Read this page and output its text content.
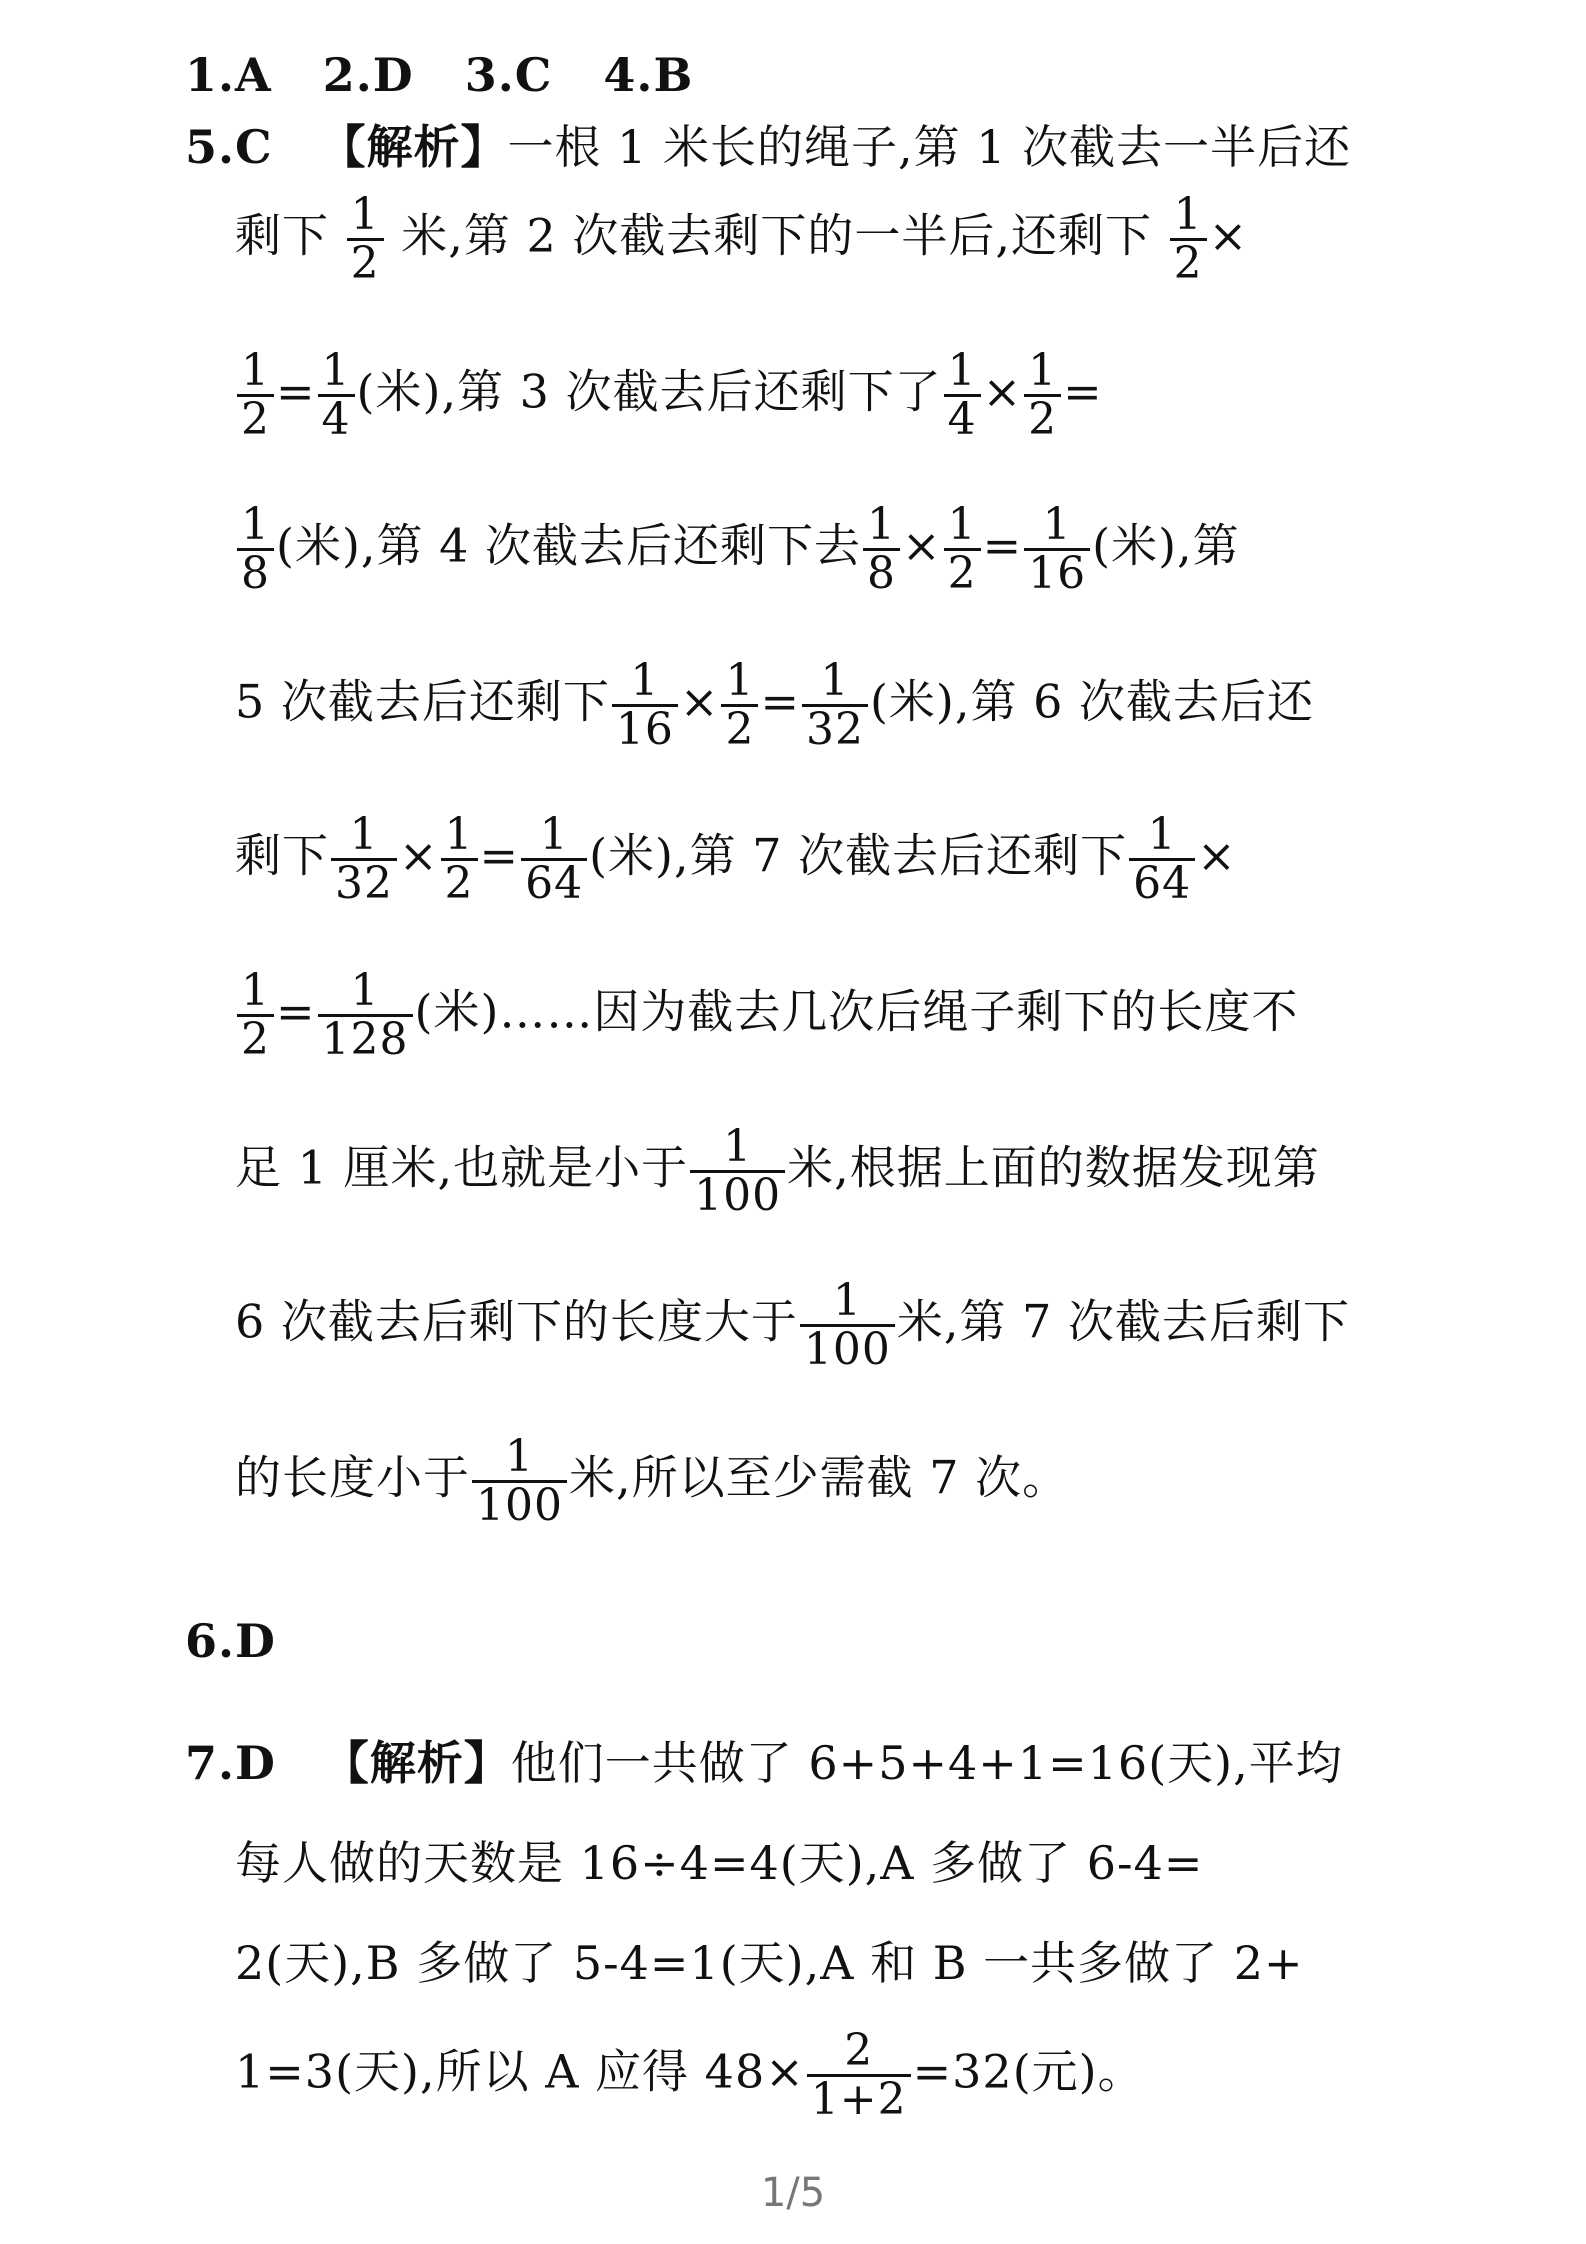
1.A 2.D 3.C 4.B
5.C 【解析】一根 1 米长的绳子,第 1 次截去一半后还
剩下 $\frac{1}{2}$ 米,第 2 次截去剩下的一半后,还剩下 $\frac{1}{2}$ ×
$\frac{1}{2} = \frac{1}{4}$ (米),第 3 次截去后还剩下了 $\frac{1}{4} \times \frac{1}{2}$ =
$\frac{1}{8}$ (米),第 4 次截去后还剩下去 $\frac{1}{8} \times \frac{1}{2} = \frac{1}{16}$ (米),第
5 次截去后还剩下 $\frac{1}{16} \times \frac{1}{2} = \frac{1}{32}$ (米),第 6 次截去后还
剩下 $\frac{1}{32} \times \frac{1}{2} = \frac{1}{64}$ (米),第 7 次截去后还剩下 $\frac{1}{64}$ ×
$\frac{1}{2} = \frac{1}{128}$ (米)……因为截去几次后绳子剩下的长度不
足 1 厘米,也就是小于 $\frac{1}{100}$ 米,根据上面的数据发现第
6 次截去后剩下的长度大于 $\frac{1}{100}$ 米,第 7 次截去后剩下
的长度小于 $\frac{1}{100}$ 米,所以至少需截 7 次。
6.D
7.D 【解析】他们一共做了 6+5+4+1=16(天),平均
每人做的天数是 16÷4=4(天),A 多做了 6-4=
2(天),B 多做了 5-4=1(天),A 和 B 一共多做了 2+
1=3(天),所以 A 应得 $48\times \frac{2}{1+2} =32$(元)。
1/5
